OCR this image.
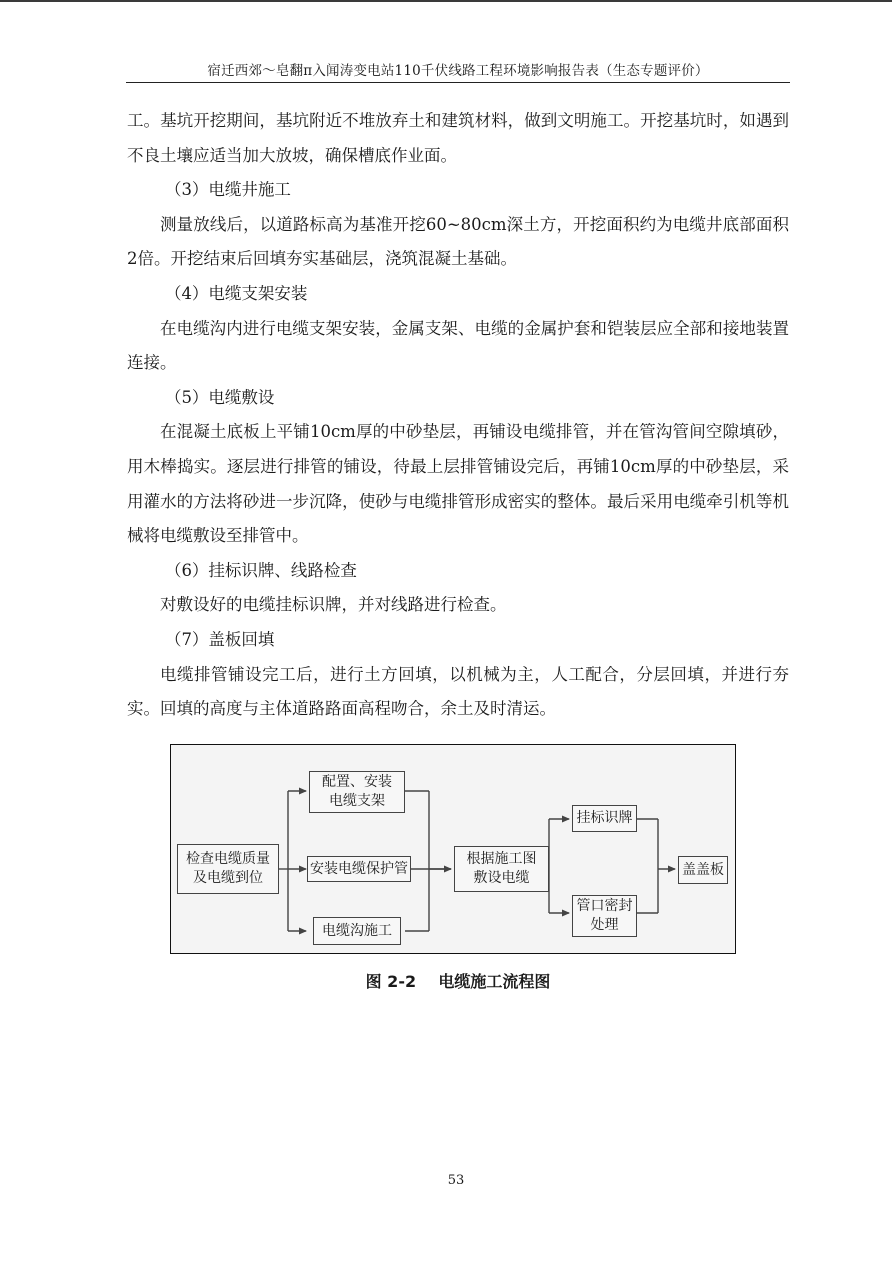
宿迁西郊～皂翻π入闻涛变电站110千伏线路工程环境影响报告表（生态专题评价）

工。基坑开挖期间，基坑附近不堆放弃土和建筑材料，做到文明施工。开挖基坑时，如遇到不良土壤应适当加大放坡，确保槽底作业面。

（3）电缆井施工

测量放线后，以道路标高为基准开挖60~80cm深土方，开挖面积约为电缆井底部面积2倍。开挖结束后回填夯实基础层，浇筑混凝土基础。

（4）电缆支架安装

在电缆沟内进行电缆支架安装，金属支架、电缆的金属护套和铠装层应全部和接地装置连接。

（5）电缆敷设

在混凝土底板上平铺10cm厚的中砂垫层，再铺设电缆排管，并在管沟管间空隙填砂，用木棒捣实。逐层进行排管的铺设，待最上层排管铺设完后，再铺10cm厚的中砂垫层，采用灌水的方法将砂进一步沉降，使砂与电缆排管形成密实的整体。最后采用电缆牵引机等机械将电缆敷设至排管中。

（6）挂标识牌、线路检查

对敷设好的电缆挂标识牌，并对线路进行检查。

（7）盖板回填

电缆排管铺设完工后，进行土方回填，以机械为主，人工配合，分层回填，并进行夯实。回填的高度与主体道路路面高程吻合，余土及时清运。

检查电缆质量
及电缆到位
配置、安装
电缆支架
安装电缆保护管
电缆沟施工
根据施工图
敷设电缆
挂标识牌
管口密封
处理
盖盖板
图 2-2    电缆施工流程图
53
